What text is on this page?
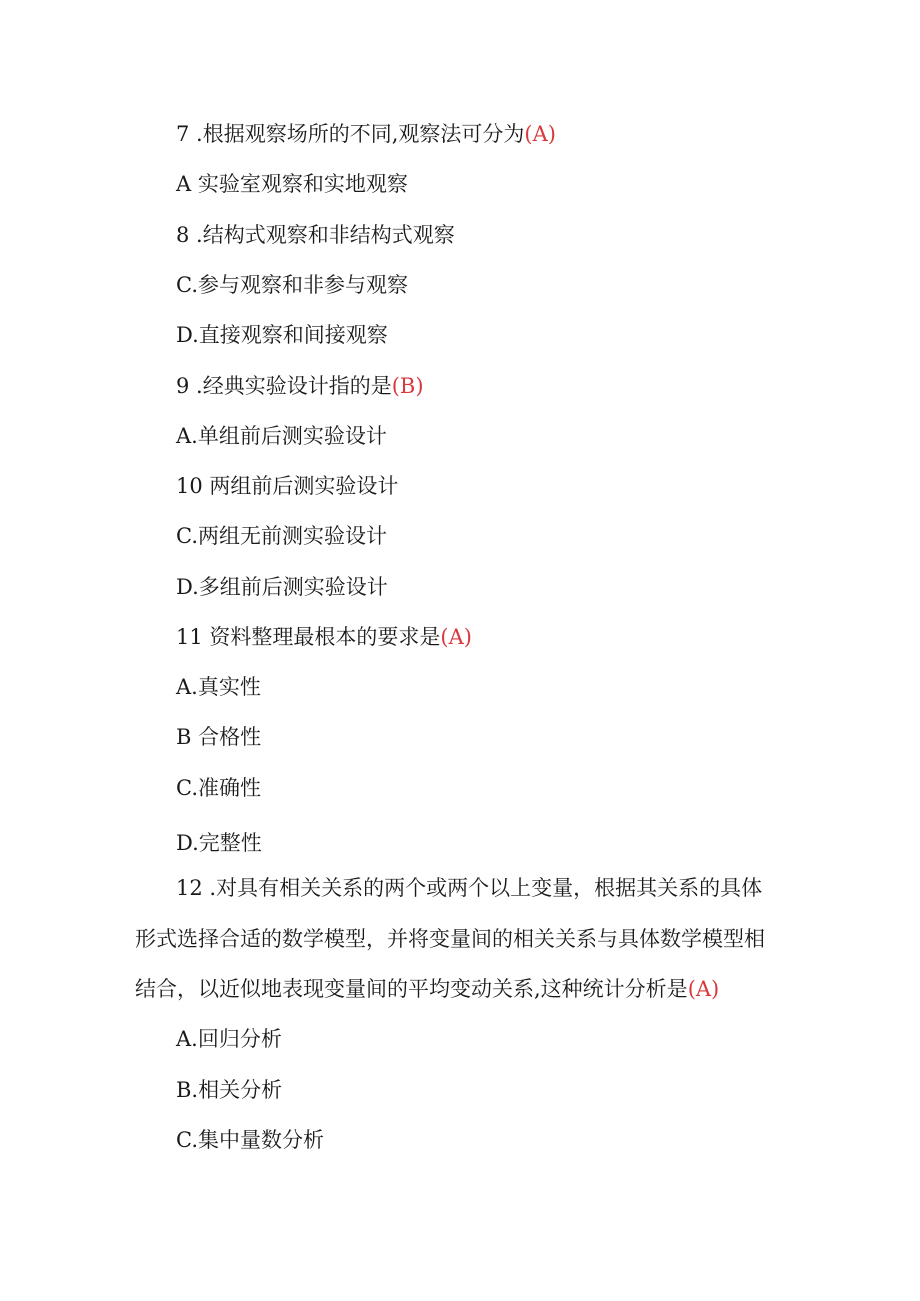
7 .根据观察场所的不同,观察法可分为(A)
A 实验室观察和实地观察
8 .结构式观察和非结构式观察
C.参与观察和非参与观察
D.直接观察和间接观察
9 .经典实验设计指的是(B)
A.单组前后测实验设计
10 两组前后测实验设计
C.两组无前测实验设计
D.多组前后测实验设计
11 资料整理最根本的要求是(A)
A.真实性
B 合格性
C.准确性
D.完整性
12 .对具有相关关系的两个或两个以上变量，根据其关系的具体
形式选择合适的数学模型，并将变量间的相关关系与具体数学模型相
结合，以近似地表现变量间的平均变动关系,这种统计分析是(A)
A.回归分析
B.相关分析
C.集中量数分析
